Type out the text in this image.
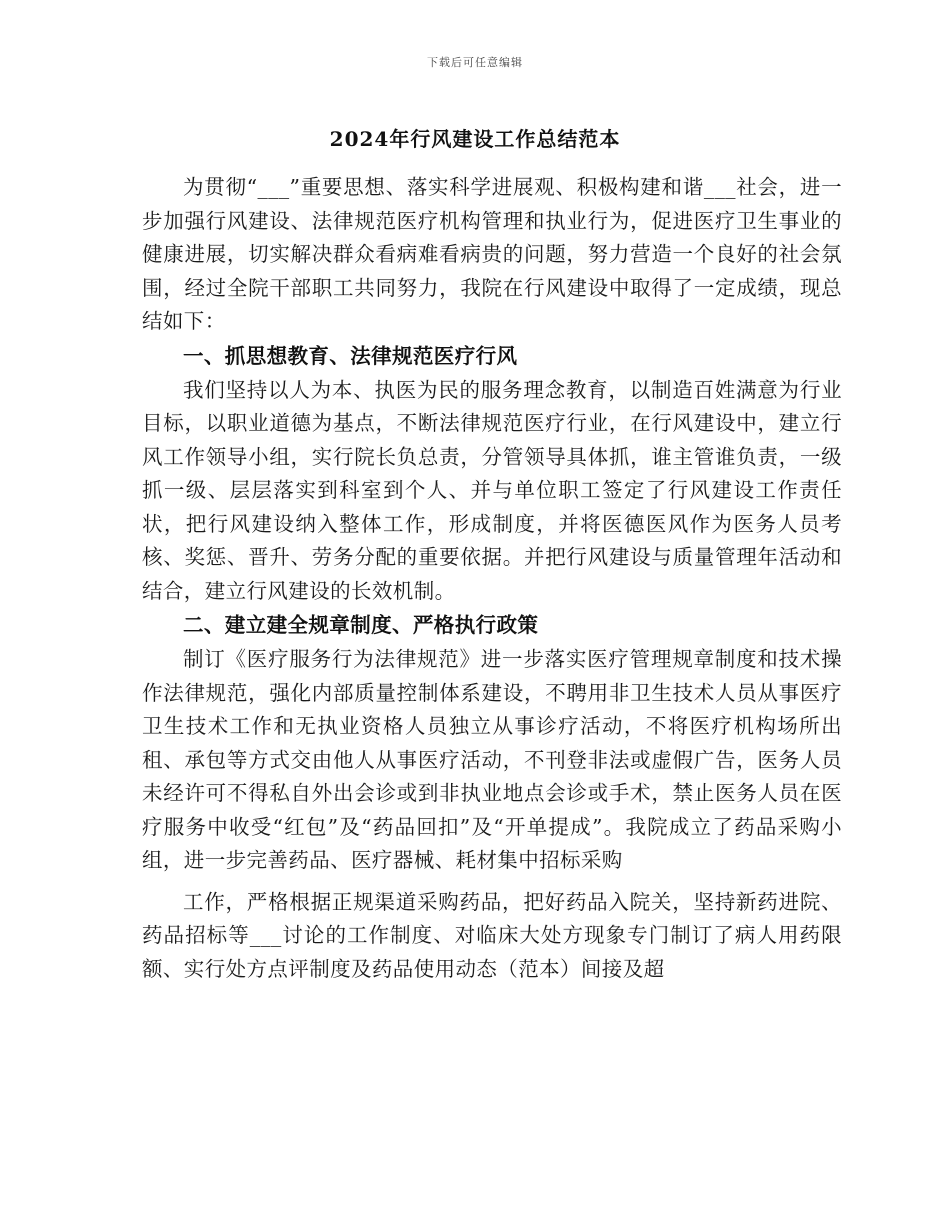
下载后可任意编辑
2024年行风建设工作总结范本

为贯彻“___”重要思想、落实科学进展观、积极构建和谐___社会，进一步加强行风建设、法律规范医疗机构管理和执业行为，促进医疗卫生事业的健康进展，切实解决群众看病难看病贵的问题，努力营造一个良好的社会氛围，经过全院干部职工共同努力，我院在行风建设中取得了一定成绩，现总结如下：

一、抓思想教育、法律规范医疗行风

我们坚持以人为本、执医为民的服务理念教育，以制造百姓满意为行业目标，以职业道德为基点，不断法律规范医疗行业，在行风建设中，建立行风工作领导小组，实行院长负总责，分管领导具体抓，谁主管谁负责，一级抓一级、层层落实到科室到个人、并与单位职工签定了行风建设工作责任状，把行风建设纳入整体工作，形成制度，并将医德医风作为医务人员考核、奖惩、晋升、劳务分配的重要依据。并把行风建设与质量管理年活动和结合，建立行风建设的长效机制。

二、建立建全规章制度、严格执行政策

制订《医疗服务行为法律规范》进一步落实医疗管理规章制度和技术操作法律规范，强化内部质量控制体系建设，不聘用非卫生技术人员从事医疗卫生技术工作和无执业资格人员独立从事诊疗活动，不将医疗机构场所出租、承包等方式交由他人从事医疗活动，不刊登非法或虚假广告，医务人员未经许可不得私自外出会诊或到非执业地点会诊或手术，禁止医务人员在医疗服务中收受“红包”及“药品回扣”及“开单提成”。我院成立了药品采购小组，进一步完善药品、医疗器械、耗材集中招标采购

工作，严格根据正规渠道采购药品，把好药品入院关，坚持新药进院、药品招标等___讨论的工作制度、对临床大处方现象专门制订了病人用药限额、实行处方点评制度及药品使用动态（范本）间接及超
